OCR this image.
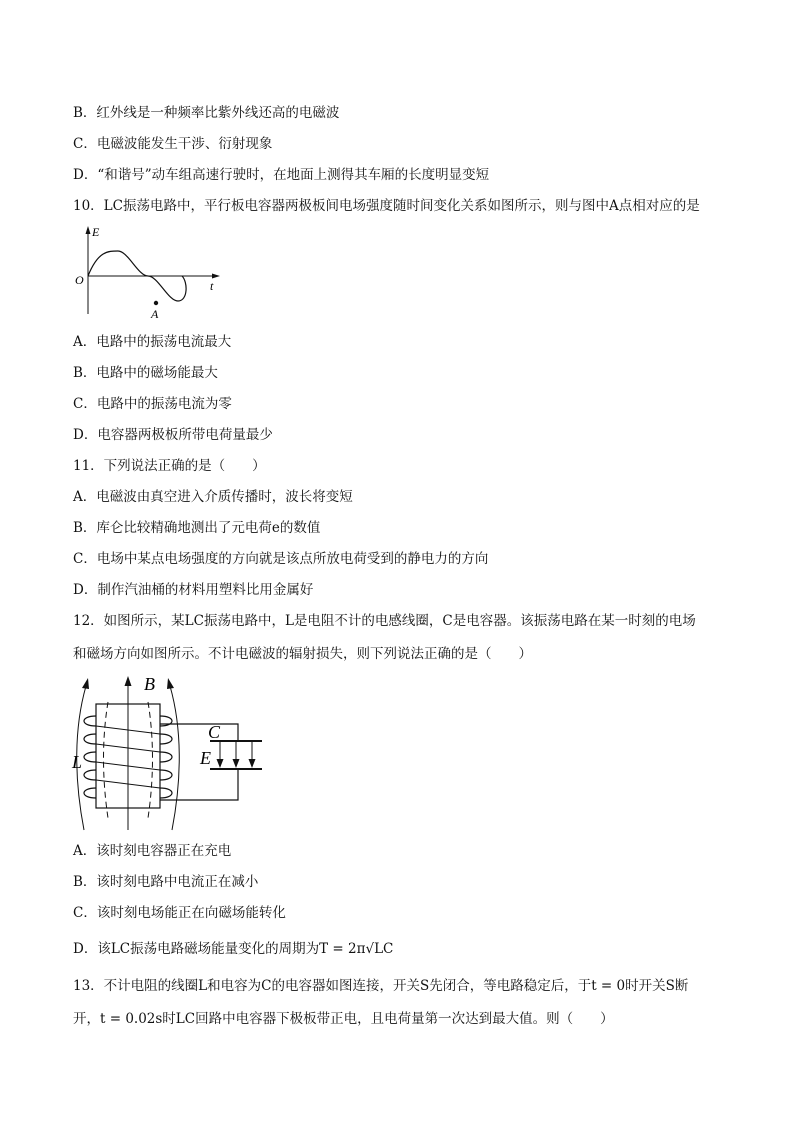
B．红外线是一种频率比紫外线还高的电磁波
C．电磁波能发生干涉、衍射现象
D．“和谐号”动车组高速行驶时，在地面上测得其车厢的长度明显变短
10．LC振荡电路中，平行板电容器两极板间电场强度随时间变化关系如图所示，则与图中A点相对应的是
E
O	t
A
A．电路中的振荡电流最大
B．电路中的磁场能最大
C．电路中的振荡电流为零
D．电容器两极板所带电荷量最少
11．下列说法正确的是（　　）
A．电磁波由真空进入介质传播时，波长将变短
B．库仑比较精确地测出了元电荷e的数值
C．电场中某点电场强度的方向就是该点所放电荷受到的静电力的方向
D．制作汽油桶的材料用塑料比用金属好
12．如图所示，某LC振荡电路中，L是电阻不计的电感线圈，C是电容器。该振荡电路在某一时刻的电场
和磁场方向如图所示。不计电磁波的辐射损失，则下列说法正确的是（　　）
B
C
E
L
A．该时刻电容器正在充电
B．该时刻电路中电流正在减小
C．该时刻电场能正在向磁场能转化
D．该LC振荡电路磁场能量变化的周期为T = 2π√LC
13．不计电阻的线圈L和电容为C的电容器如图连接，开关S先闭合，等电路稳定后，于t = 0时开关S断
开，t = 0.02s时LC回路中电容器下极板带正电，且电荷量第一次达到最大值。则（　　）
